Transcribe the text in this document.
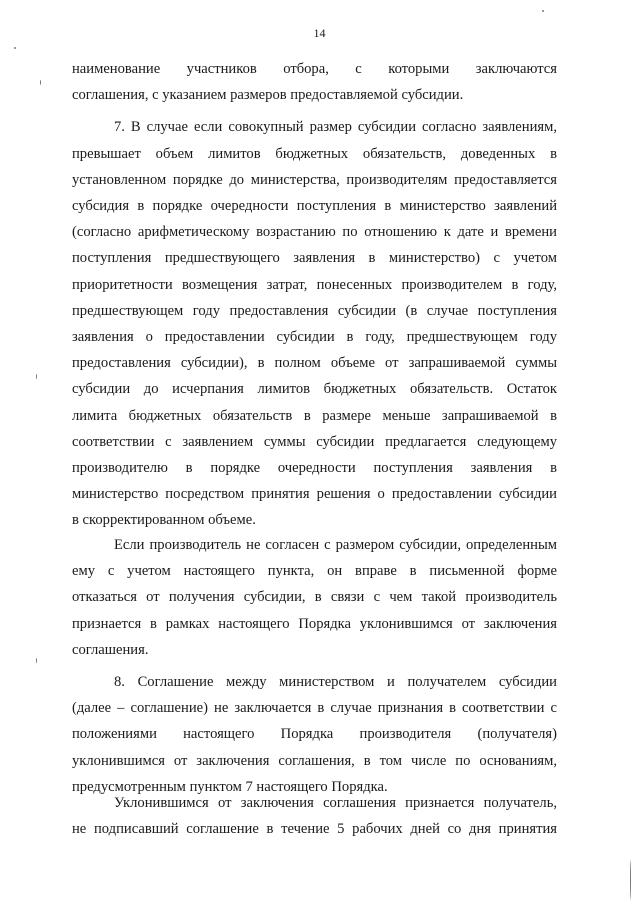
14
наименование участников отбора, с которыми заключаются
соглашения, с указанием размеров предоставляемой субсидии.
7. В случае если совокупный размер субсидии согласно заявлениям,
превышает объем лимитов бюджетных обязательств, доведенных в
установленном порядке до министерства, производителям предоставляется
субсидия в порядке очередности поступления в министерство заявлений
(согласно арифметическому возрастанию по отношению к дате и времени
поступления предшествующего заявления в министерство) с учетом
приоритетности возмещения затрат, понесенных производителем в году,
предшествующем году предоставления субсидии (в случае поступления
заявления о предоставлении субсидии в году, предшествующем году
предоставления субсидии), в полном объеме от запрашиваемой суммы
субсидии до исчерпания лимитов бюджетных обязательств. Остаток
лимита бюджетных обязательств в размере меньше запрашиваемой в
соответствии с заявлением суммы субсидии предлагается следующему
производителю в порядке очередности поступления заявления в
министерство посредством принятия решения о предоставлении субсидии
в скорректированном объеме.
Если производитель не согласен с размером субсидии, определенным
ему с учетом настоящего пункта, он вправе в письменной форме
отказаться от получения субсидии, в связи с чем такой производитель
признается в рамках настоящего Порядка уклонившимся от заключения
соглашения.
8. Соглашение между министерством и получателем субсидии
(далее – соглашение) не заключается в случае признания в соответствии с
положениями настоящего Порядка производителя (получателя)
уклонившимся от заключения соглашения, в том числе по основаниям,
предусмотренным пунктом 7 настоящего Порядка.
Уклонившимся от заключения соглашения признается получатель,
не подписавший соглашение в течение 5 рабочих дней со дня принятия
